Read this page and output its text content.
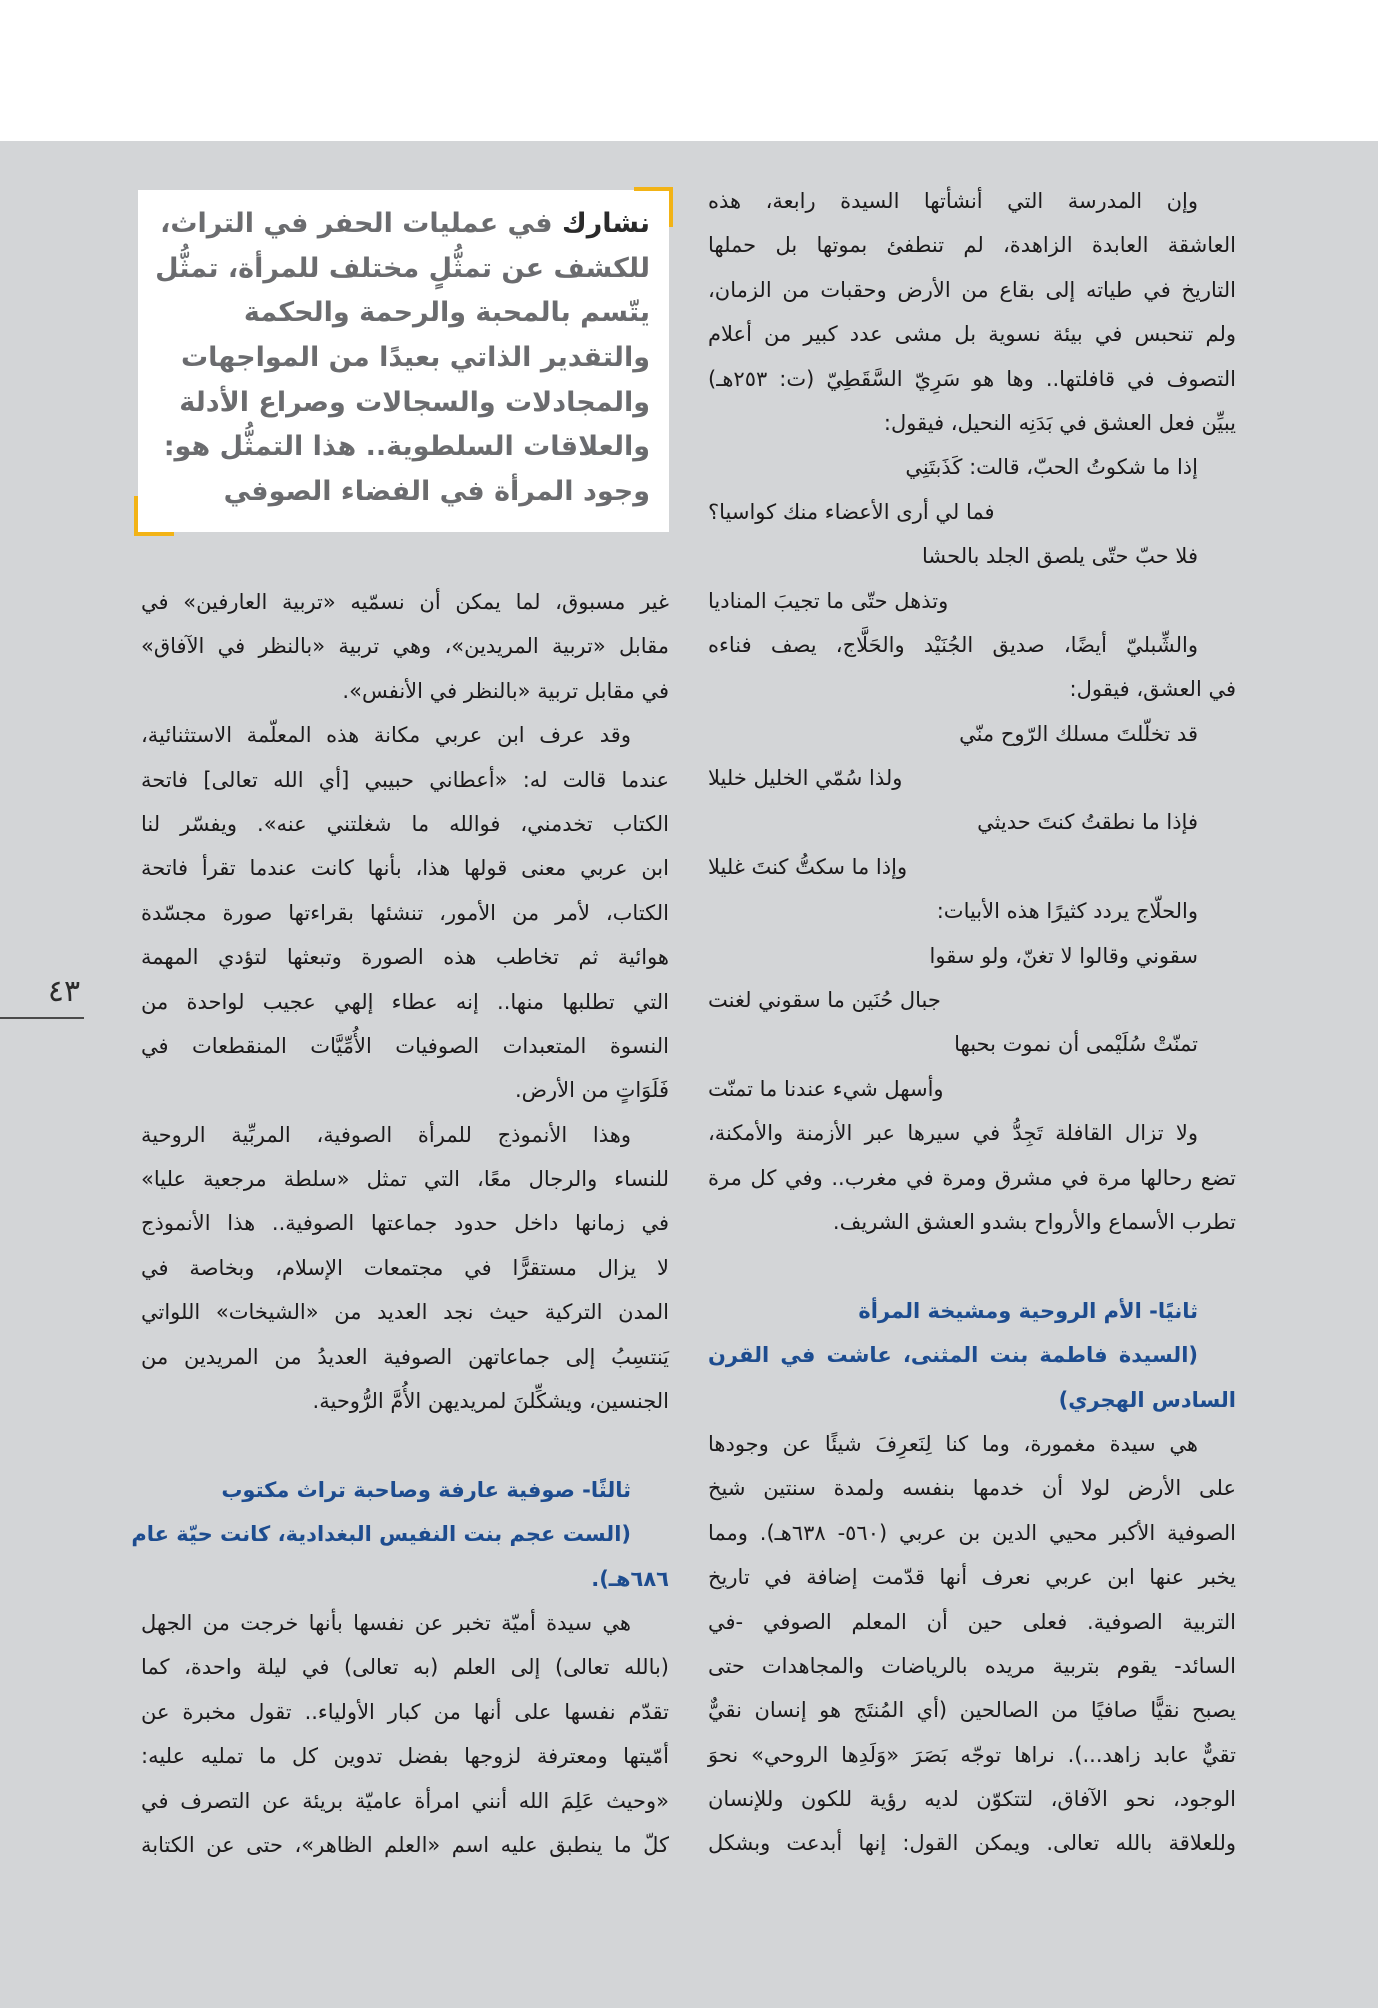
وإن المدرسة التي أنشأتها السيدة رابعة، هذه
العاشقة العابدة الزاهدة، لم تنطفئ بموتها بل حملها
التاريخ في طياته إلى بقاع من الأرض وحقبات من الزمان،
ولم تنحبس في بيئة نسوية بل مشى عدد كبير من أعلام
التصوف في قافلتها.. وها هو سَرِيّ السَّقَطِيّ (ت: ٢٥٣هـ)
يبيِّن فعل العشق في بَدَنِه النحيل، فيقول:
إذا ما شكوتُ الحبّ، قالت: كَذَبتَنِي
فما لي أرى الأعضاء منك كواسيا؟
فلا حبّ حتّى يلصق الجلد بالحشا
وتذهل حتّى ما تجيبَ المناديا
والشِّبليّ أيضًا، صديق الجُنَيْد والحَلَّاج، يصف فناءه
في العشق، فيقول:
قد تخلّلتَ مسلك الرّوح منّي
ولذا سُمّي الخليل خليلا
فإذا ما نطقتُ كنتَ حديثي
وإذا ما سكتُّ كنتَ غليلا
والحلّاج يردد كثيرًا هذه الأبيات:
سقوني وقالوا لا تغنّ، ولو سقوا
جبال حُنَين ما سقوني لغنت
تمنّتْ سُلَيْمى أن نموت بحبها
وأسهل شيء عندنا ما تمنّت
ولا تزال القافلة تَجِدُّ في سيرها عبر الأزمنة والأمكنة،
تضع رحالها مرة في مشرق ومرة في مغرب.. وفي كل مرة
تطرب الأسماع والأرواح بشدو العشق الشريف.
ثانيًا- الأم الروحية ومشيخة المرأة
(السيدة فاطمة بنت المثنى، عاشت في القرن
السادس الهجري)
هي سيدة مغمورة، وما كنا لِنَعرِفَ شيئًا عن وجودها
على الأرض لولا أن خدمها بنفسه ولمدة سنتين شيخ
الصوفية الأكبر محيي الدين بن عربي (٥٦٠- ٦٣٨هـ). ومما
يخبر عنها ابن عربي نعرف أنها قدّمت إضافة في تاريخ
التربية الصوفية. فعلى حين أن المعلم الصوفي -في
السائد- يقوم بتربية مريده بالرياضات والمجاهدات حتى
يصبح نقيًّا صافيًا من الصالحين (أي المُنتَج هو إنسان نقيٌّ
تقيٌّ عابد زاهد...). نراها توجّه بَصَرَ «وَلَدِها الروحي» نحوَ
الوجود، نحو الآفاق، لتتكوّن لديه رؤية للكون وللإنسان
وللعلاقة بالله تعالى. ويمكن القول: إنها أبدعت وبشكل
نشارك في عمليات الحفر في التراث،
للكشف عن تمثُّلٍ مختلف للمرأة، تمثُّل
يتّسم بالمحبة والرحمة والحكمة
والتقدير الذاتي بعيدًا من المواجهات
والمجادلات والسجالات وصراع الأدلة
والعلاقات السلطوية.. هذا التمثُّل هو:
وجود المرأة في الفضاء الصوفي
غير مسبوق، لما يمكن أن نسمّيه «تربية العارفين» في
مقابل «تربية المريدين»، وهي تربية «بالنظر في الآفاق»
في مقابل تربية «بالنظر في الأنفس».
وقد عرف ابن عربي مكانة هذه المعلّمة الاستثنائية،
عندما قالت له: «أعطاني حبيبي [أي الله تعالى] فاتحة
الكتاب تخدمني، فوالله ما شغلتني عنه». ويفسّر لنا
ابن عربي معنى قولها هذا، بأنها كانت عندما تقرأ فاتحة
الكتاب، لأمر من الأمور، تنشئها بقراءتها صورة مجسّدة
هوائية ثم تخاطب هذه الصورة وتبعثها لتؤدي المهمة
التي تطلبها منها.. إنه عطاء إلهي عجيب لواحدة من
النسوة المتعبدات الصوفيات الأُمِّيَّات المنقطعات في
فَلَوَاتٍ من الأرض.
وهذا الأنموذج للمرأة الصوفية، المربِّية الروحية
للنساء والرجال معًا، التي تمثل «سلطة مرجعية عليا»
في زمانها داخل حدود جماعتها الصوفية.. هذا الأنموذج
لا يزال مستقرًّا في مجتمعات الإسلام، وبخاصة في
المدن التركية حيث نجد العديد من «الشيخات» اللواتي
يَنتسِبُ إلى جماعاتهن الصوفية العديدُ من المريدين من
الجنسين، ويشكِّلنَ لمريديهن الأُمَّ الرُّوحية.
ثالثًا- صوفية عارفة وصاحبة تراث مكتوب
(الست عجم بنت النفيس البغدادية، كانت حيّة عام
٦٨٦هـ).
هي سيدة أميّة تخبر عن نفسها بأنها خرجت من الجهل
(بالله تعالى) إلى العلم (به تعالى) في ليلة واحدة، كما
تقدّم نفسها على أنها من كبار الأولياء.. تقول مخبرة عن
أمّيتها ومعترفة لزوجها بفضل تدوين كل ما تمليه عليه:
«وحيث عَلِمَ الله أنني امرأة عاميّة بريئة عن التصرف في
كلّ ما ينطبق عليه اسم «العلم الظاهر»، حتى عن الكتابة
٤٣
